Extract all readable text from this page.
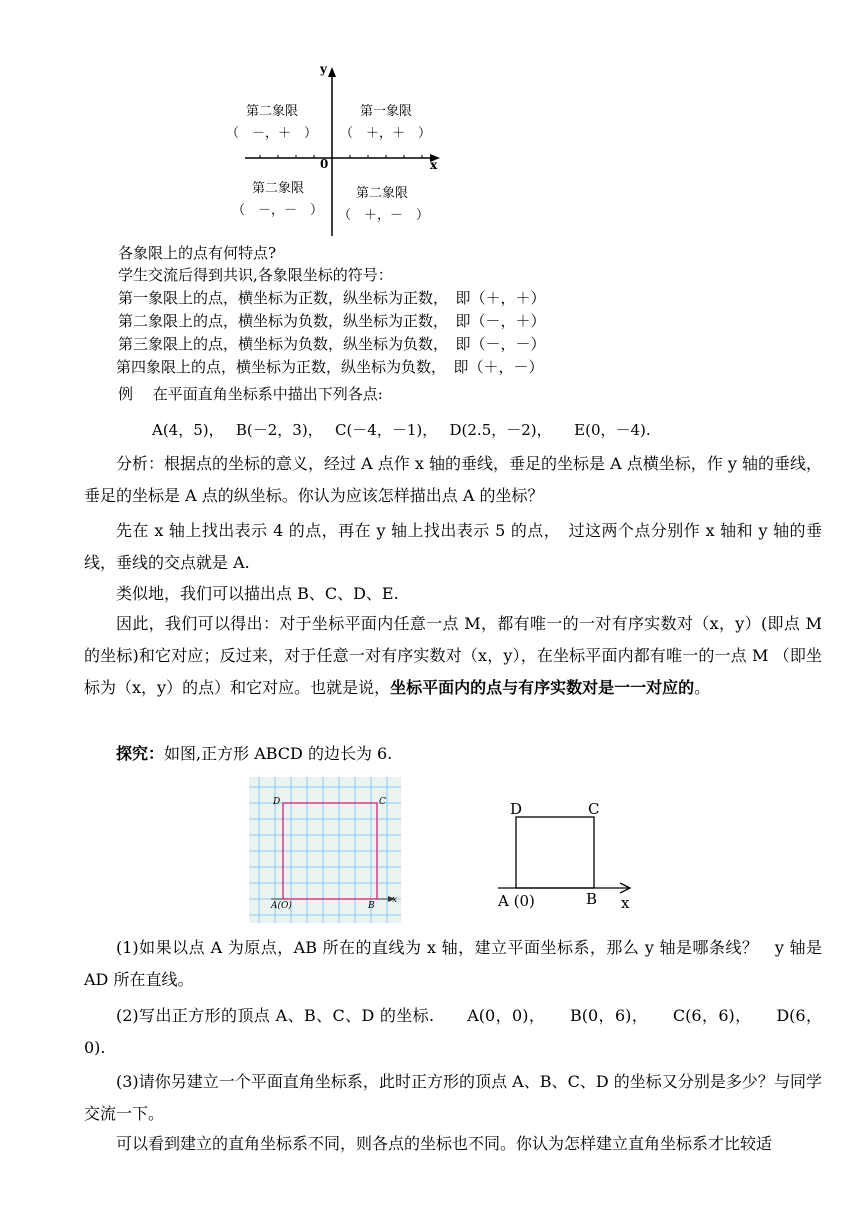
y
x
0
第二象限
（　－，＋　）
第一象限
（　＋，＋　）
第二象限
（　－，－　）
第二象限
（　＋，－　）
各象限上的点有何特点?
学生交流后得到共识,各象限坐标的符号：
第一象限上的点，横坐标为正数，纵坐标为正数，　即（＋，＋）
第二象限上的点，横坐标为负数，纵坐标为正数，　即（－，＋）
第三象限上的点，横坐标为负数，纵坐标为负数，　即（－，－）
第四象限上的点，横坐标为正数，纵坐标为负数，　即（＋，－）
例　 在平面直角坐标系中描出下列各点:
A(4，5)，　 B(－2，3)，　 C(－4，－1)，　 D(2.5，－2)，　　E(0，－4).
分析：根据点的坐标的意义，经过 A 点作 x 轴的垂线，垂足的坐标是 A 点横坐标，作 y 轴的垂线，垂足的坐标是 A 点的纵坐标。你认为应该怎样描出点 A 的坐标？
先在 x 轴上找出表示 4 的点，再在 y 轴上找出表示 5 的点，　过这两个点分别作 x 轴和 y 轴的垂线，垂线的交点就是 A.
类似地，我们可以描出点 B、C、D、E.
因此，我们可以得出：对于坐标平面内任意一点 M，都有唯一的一对有序实数对（x，y）(即点 M 的坐标)和它对应；反过来，对于任意一对有序实数对（x，y），在坐标平面内都有唯一的一点 M （即坐标为（x，y）的点）和它对应。也就是说，坐标平面内的点与有序实数对是一一对应的。
探究：如图,正方形 ABCD 的边长为 6.
D	C
A(O)	B
x
D	C
A (0)	B x
(1)如果以点 A 为原点，AB 所在的直线为 x 轴，建立平面坐标系，那么 y 轴是哪条线？　y 轴是 AD 所在直线。
(2)写出正方形的顶点 A、B、C、D 的坐标.　　A(0，0)，　　B(0，6)，　　C(6，6)，　　D(6，0).
(3)请你另建立一个平面直角坐标系，此时正方形的顶点 A、B、C、D 的坐标又分别是多少？与同学交流一下。
可以看到建立的直角坐标系不同，则各点的坐标也不同。你认为怎样建立直角坐标系才比较适
